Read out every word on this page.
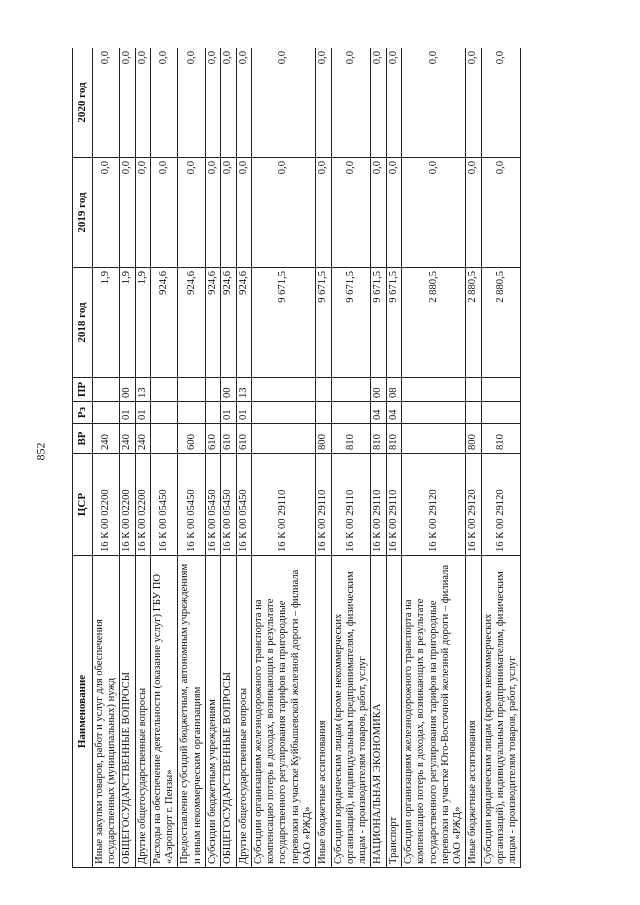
852
Наименование	ЦСР	ВР	Рз	ПР	2018 год	2019 год	2020 год
Иные закупки товаров, работ и услуг для обеспечения государственных (муниципальных) нужд	16 К 00 02200	240			1,9	0,0	0,0
ОБЩЕГОСУДАРСТВЕННЫЕ ВОПРОСЫ	16 К 00 02200	240	01	00	1,9	0,0	0,0
Другие общегосударственные вопросы	16 К 00 02200	240	01	13	1,9	0,0	0,0
Расходы на обеспечение деятельности (оказание услуг) ГБУ ПО «Аэропорт г. Пензы»	16 К 00 05450				924,6	0,0	0,0
Предоставление субсидий бюджетным, автономным учреждениям и иным некоммерческим организациям	16 К 00 05450	600			924,6	0,0	0,0
Субсидии бюджетным учреждениям	16 К 00 05450	610			924,6	0,0	0,0
ОБЩЕГОСУДАРСТВЕННЫЕ ВОПРОСЫ	16 К 00 05450	610	01	00	924,6	0,0	0,0
Другие общегосударственные вопросы	16 К 00 05450	610	01	13	924,6	0,0	0,0
Субсидии организациям железнодорожного транспорта на компенсацию потерь в доходах, возникающих в результате государственного регулирования тарифов на пригородные перевозки на участке Куйбышевской железной дороги – филиала ОАО «РЖД»	16 К 00 29110				9 671,5	0,0	0,0
Иные бюджетные ассигнования	16 К 00 29110	800			9 671,5	0,0	0,0
Субсидии юридическим лицам (кроме некоммерческих организаций), индивидуальным предпринимателям, физическим лицам - производителям товаров, работ, услуг	16 К 00 29110	810			9 671,5	0,0	0,0
НАЦИОНАЛЬНАЯ ЭКОНОМИКА	16 К 00 29110	810	04	00	9 671,5	0,0	0,0
Транспорт	16 К 00 29110	810	04	08	9 671,5	0,0	0,0
Субсидии организациям железнодорожного транспорта на компенсацию потерь в доходах, возникающих в результате государственного регулирования тарифов на пригородные перевозки на участке Юго-Восточной железной дороги – филиала ОАО «РЖД»	16 К 00 29120				2 880,5	0,0	0,0
Иные бюджетные ассигнования	16 К 00 29120	800			2 880,5	0,0	0,0
Субсидии юридическим лицам (кроме некоммерческих организаций), индивидуальным предпринимателям, физическим лицам - производителям товаров, работ, услуг	16 К 00 29120	810			2 880,5	0,0	0,0
